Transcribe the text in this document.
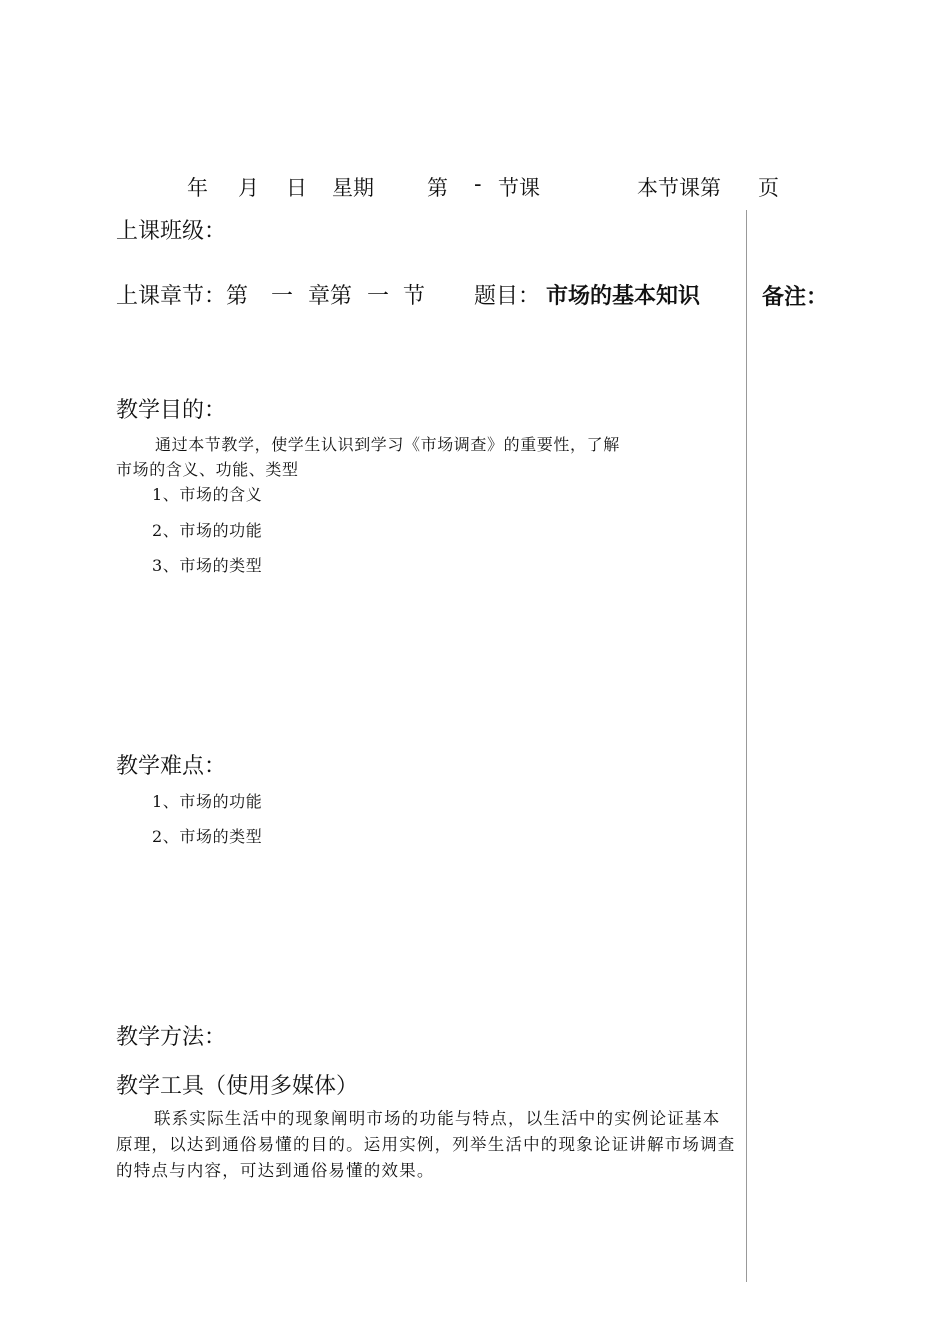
年 月 日 星期	第 - 节课	本节课第 页
上课班级：
上课章节：第 一 章第 一 节 题目： 市场的基本知识	备注：
教学目的：
通过本节教学，使学生认识到学习《市场调查》的重要性，了解
市场的含义、功能、类型
1、市场的含义
2、市场的功能
3、市场的类型
教学难点：
1、市场的功能
2、市场的类型
教学方法：
教学工具（使用多媒体）
联系实际生活中的现象阐明市场的功能与特点，以生活中的实例论证基本原理，以达到通俗易懂的目的。运用实例，列举生活中的现象论证讲解市场调查的特点与内容，可达到通俗易懂的效果。
